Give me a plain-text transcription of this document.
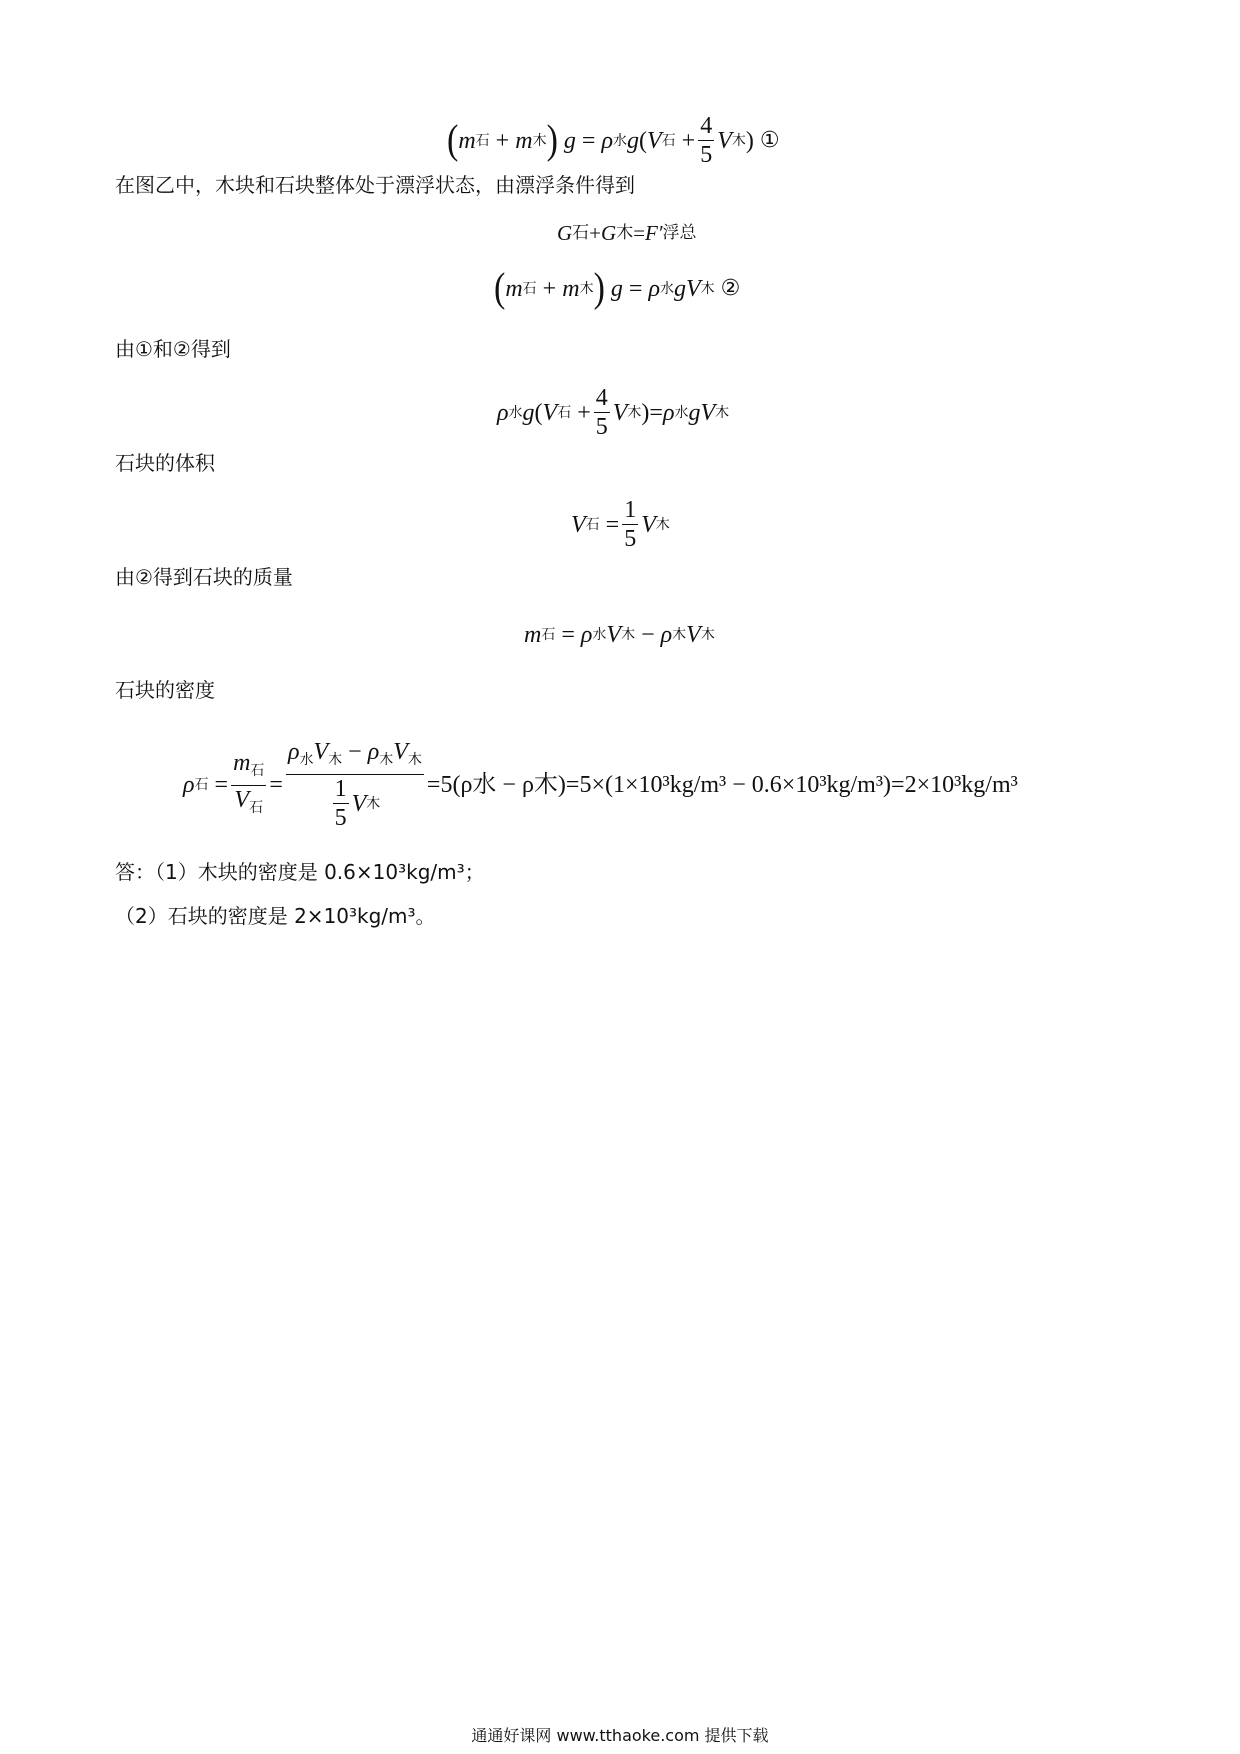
( m 石 + m 木 )
g = ρ 水 g ( V 石 + $\frac{4}{5}$ V 木 ) ①
在图乙中，木块和石块整体处于漂浮状态，由漂浮条件得到
G 石 + G 木 = F′ 浮总
( m 石 + m 木 )
g = ρ 水 g V 木
②
由①和②得到
ρ 水 g ( V 石 + $\frac{4}{5}$ V 木 )= ρ 水 g V 木
石块的体积
V 石 = $\frac{1}{5}$ V 木
由②得到石块的质量
m 石 = ρ 水 V 木 − ρ 木 V 木
石块的密度
ρ 石 = $\frac{m_石}{V_石} = \frac{\rho_水V_木 - \rho_木V_木}{\frac{1}{5} V 木} =5(\rho$水 − ρ木)=5×(1×10³kg/m³ − 0.6×10³kg/m³)=2×10³kg/m³
答：（1）木块的密度是 0.6×10³kg/m³；
（2）石块的密度是 2×10³kg/m³。
通通好课网 www.tthaoke.com 提供下载
